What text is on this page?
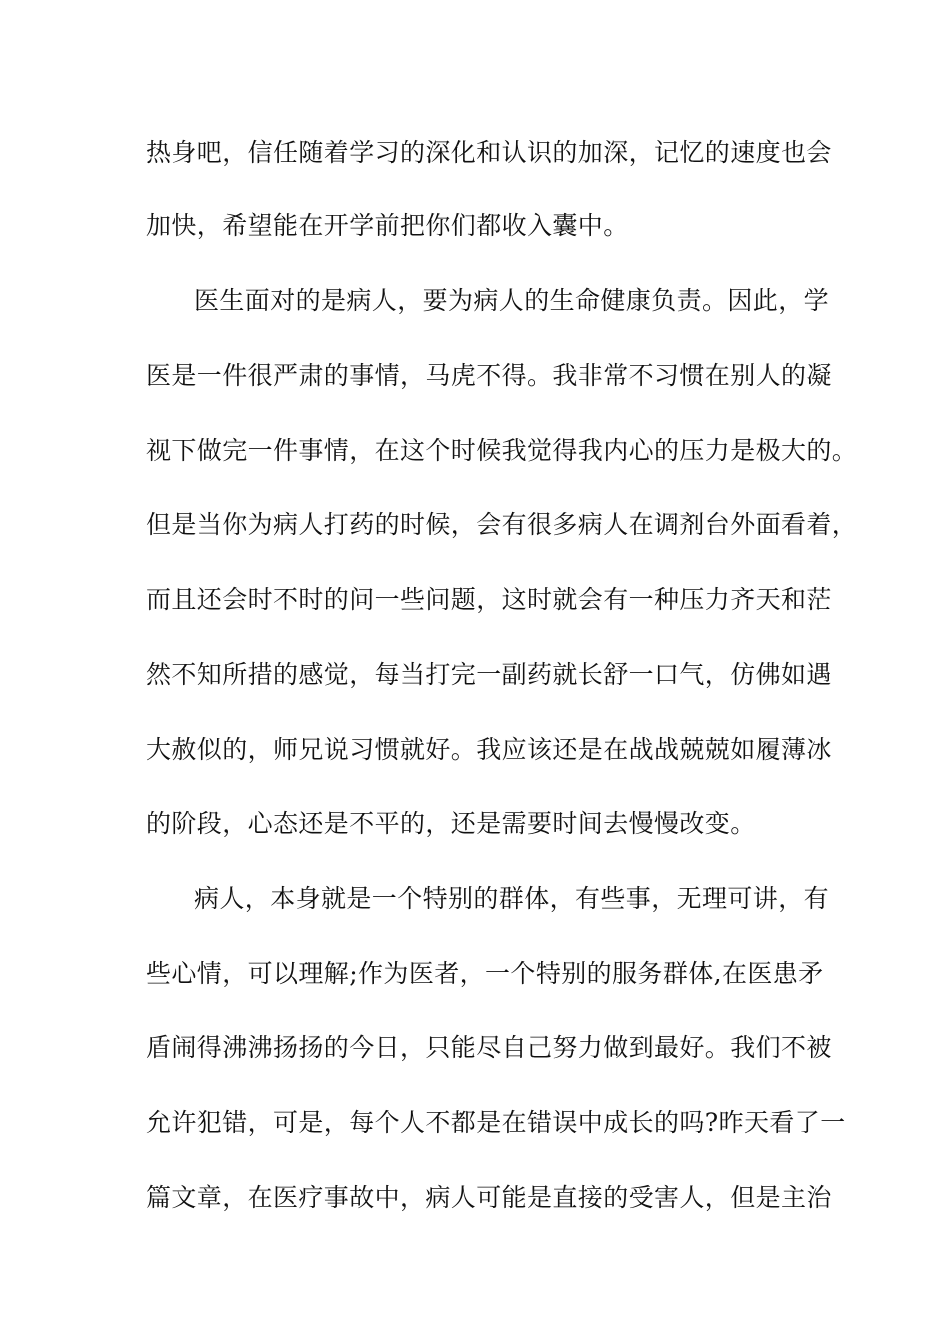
热身吧，信任随着学习的深化和认识的加深，记忆的速度也会
加快，希望能在开学前把你们都收入囊中。
医生面对的是病人，要为病人的生命健康负责。因此，学
医是一件很严肃的事情，马虎不得。我非常不习惯在别人的凝
视下做完一件事情，在这个时候我觉得我内心的压力是极大的。
但是当你为病人打药的时候，会有很多病人在调剂台外面看着，
而且还会时不时的问一些问题，这时就会有一种压力齐天和茫
然不知所措的感觉，每当打完一副药就长舒一口气，仿佛如遇
大赦似的，师兄说习惯就好。我应该还是在战战兢兢如履薄冰
的阶段，心态还是不平的，还是需要时间去慢慢改变。
病人，本身就是一个特别的群体，有些事，无理可讲，有
些心情，可以理解;作为医者，一个特别的服务群体,在医患矛
盾闹得沸沸扬扬的今日，只能尽自己努力做到最好。我们不被
允许犯错，可是，每个人不都是在错误中成长的吗?昨天看了一
篇文章，在医疗事故中，病人可能是直接的受害人，但是主治
